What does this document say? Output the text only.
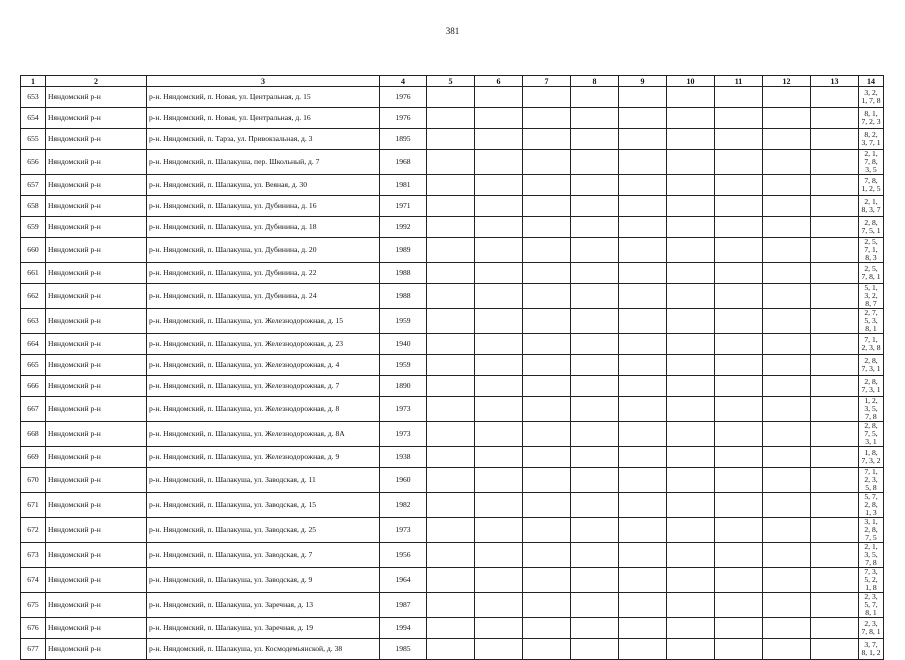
381
1	2	3	4	5	6	7	8	9	10	11	12	13	14
653	Няндомский р-н	р-н. Няндомский, п. Новая, ул. Центральная, д. 15	1976										3, 2, 1, 7, 8
654	Няндомский р-н	р-н. Няндомский, п. Новая, ул. Центральная, д. 16	1976										8, 1, 7, 2, 3
655	Няндомский р-н	р-н. Няндомский, п. Тарза, ул. Привокзальная, д. 3	1895										8, 2, 3, 7, 1
656	Няндомский р-н	р-н. Няндомский, п. Шалакуша, пер. Школьный, д. 7	1968										2, 1, 7, 8, 3, 5
657	Няндомский р-н	р-н. Няндомский, п. Шалакуша, ул. Веяная, д. 30	1981										7, 8, 1, 2, 5
658	Няндомский р-н	р-н. Няндомский, п. Шалакуша, ул. Дубинина, д. 16	1971										2, 1, 8, 3, 7
659	Няндомский р-н	р-н. Няндомский, п. Шалакуша, ул. Дубинина, д. 18	1992										2, 8, 7, 5, 1
660	Няндомский р-н	р-н. Няндомский, п. Шалакуша, ул. Дубинина, д. 20	1989										2, 5, 7, 1, 8, 3
661	Няндомский р-н	р-н. Няндомский, п. Шалакуша, ул. Дубинина, д. 22	1988										2, 5, 7, 8, 1
662	Няндомский р-н	р-н. Няндомский, п. Шалакуша, ул. Дубинина, д. 24	1988										5, 1, 3, 2, 8, 7
663	Няндомский р-н	р-н. Няндомский, п. Шалакуша, ул. Железнодорожная, д. 15	1959										2, 7, 5, 3, 8, 1
664	Няндомский р-н	р-н. Няндомский, п. Шалакуша, ул. Железнодорожная, д. 23	1940										7, 1, 2, 3, 8
665	Няндомский р-н	р-н. Няндомский, п. Шалакуша, ул. Железнодорожная, д. 4	1959										2, 8, 7, 3, 1
666	Няндомский р-н	р-н. Няндомский, п. Шалакуша, ул. Железнодорожная, д. 7	1890										2, 8, 7, 3, 1
667	Няндомский р-н	р-н. Няндомский, п. Шалакуша, ул. Железнодорожная, д. 8	1973										1, 2, 3, 5, 7, 8
668	Няндомский р-н	р-н. Няндомский, п. Шалакуша, ул. Железнодорожная, д. 8А	1973										2, 8, 7, 5, 3, 1
669	Няндомский р-н	р-н. Няндомский, п. Шалакуша, ул. Железнодорожная, д. 9	1938										1, 8, 7, 3, 2
670	Няндомский р-н	р-н. Няндомский, п. Шалакуша, ул. Заводская, д. 11	1960										7, 1, 2, 3, 5, 8
671	Няндомский р-н	р-н. Няндомский, п. Шалакуша, ул. Заводская, д. 15	1982										5, 7, 2, 8, 1, 3
672	Няндомский р-н	р-н. Няндомский, п. Шалакуша, ул. Заводская, д. 25	1973										3, 1, 2, 8, 7, 5
673	Няндомский р-н	р-н. Няндомский, п. Шалакуша, ул. Заводская, д. 7	1956										2, 1, 3, 5, 7, 8
674	Няндомский р-н	р-н. Няндомский, п. Шалакуша, ул. Заводская, д. 9	1964										7, 3, 5, 2, 1, 8
675	Няндомский р-н	р-н. Няндомский, п. Шалакуша, ул. Заречная, д. 13	1987										2, 3, 5, 7, 8, 1
676	Няндомский р-н	р-н. Няндомский, п. Шалакуша, ул. Заречная, д. 19	1994										2, 3, 7, 8, 1
677	Няндомский р-н	р-н. Няндомский, п. Шалакуша, ул. Космодемьянской, д. 38	1985										3, 7, 8, 1, 2
